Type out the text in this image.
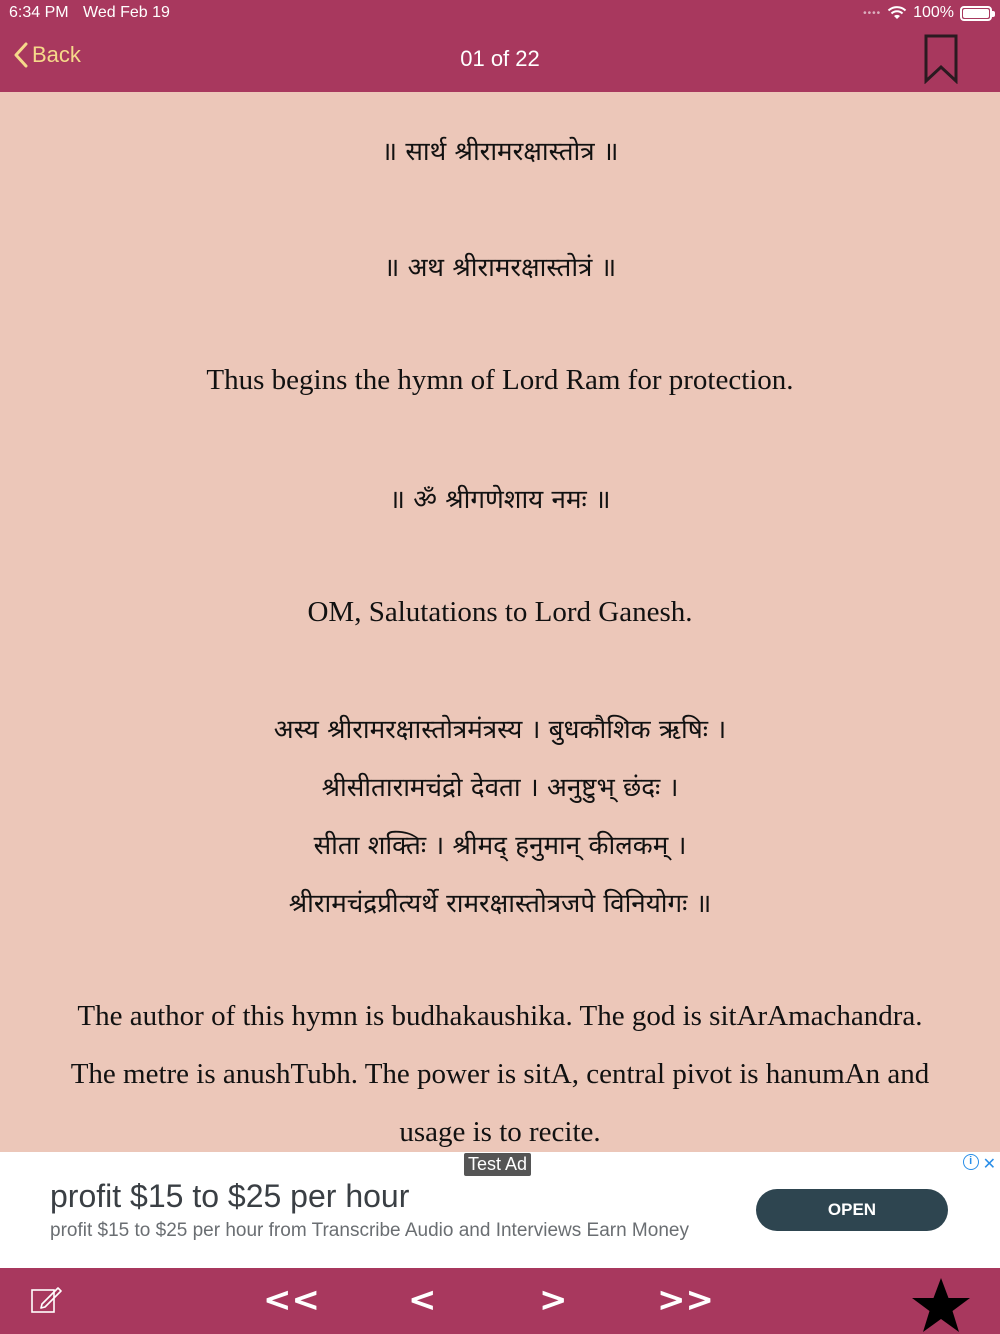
6:34 PM Wed Feb 19	•••• 100%
Back	01 of 22
॥ सार्थ श्रीरामरक्षास्तोत्र ॥
॥ अथ श्रीरामरक्षास्तोत्रं ॥
Thus begins the hymn of Lord Ram for protection.
॥ ॐ श्रीगणेशाय नमः ॥
OM, Salutations to Lord Ganesh.
अस्य श्रीरामरक्षास्तोत्रमंत्रस्य । बुधकौशिक ऋषिः ।
श्रीसीतारामचंद्रो देवता । अनुष्टुभ् छंदः ।
सीता शक्तिः । श्रीमद् हनुमान् कीलकम् ।
श्रीरामचंद्रप्रीत्यर्थे रामरक्षास्तोत्रजपे विनियोगः ॥
The author of this hymn is budhakaushika. The god is sitArAmachandra.
The metre is anushTubh. The power is sitA, central pivot is hanumAn and
usage is to recite.
Test Ad	i ✕
profit $15 to $25 per hour
profit $15 to $25 per hour from Transcribe Audio and Interviews Earn Money
OPEN
<<	<	>	>>
